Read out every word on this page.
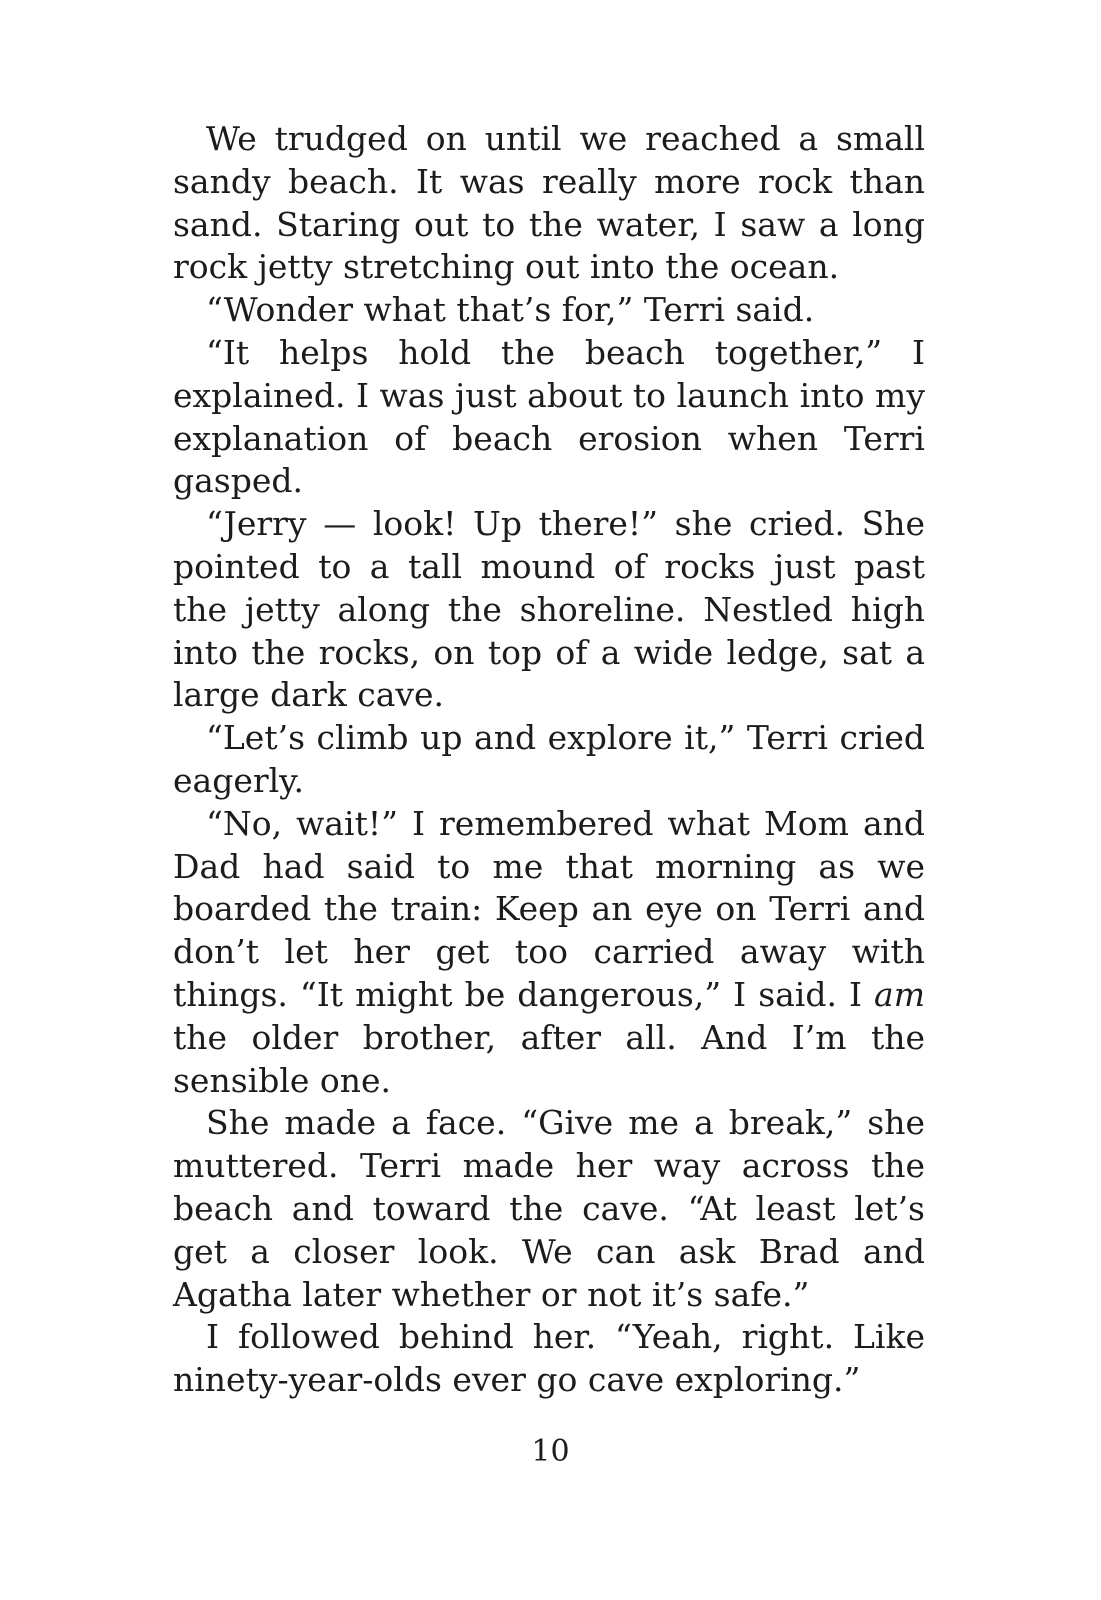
We trudged on until we reached a small sandy beach. It was really more rock than sand. Staring out to the water, I saw a long rock jetty stretching out into the ocean.

“Wonder what that’s for,” Terri said.

“It helps hold the beach together,” I explained. I was just about to launch into my explanation of beach erosion when Terri gasped.

“Jerry — look! Up there!” she cried. She pointed to a tall mound of rocks just past the jetty along the shoreline. Nestled high into the rocks, on top of a wide ledge, sat a large dark cave.

“Let’s climb up and explore it,” Terri cried eagerly.

“No, wait!” I remembered what Mom and Dad had said to me that morning as we boarded the train: Keep an eye on Terri and don’t let her get too carried away with things. “It might be dangerous,” I said. I am the older brother, after all. And I’m the sensible one.

She made a face. “Give me a break,” she muttered. Terri made her way across the beach and toward the cave. “At least let’s get a closer look. We can ask Brad and Agatha later whether or not it’s safe.”

I followed behind her. “Yeah, right. Like ninety-year-olds ever go cave exploring.”

10
